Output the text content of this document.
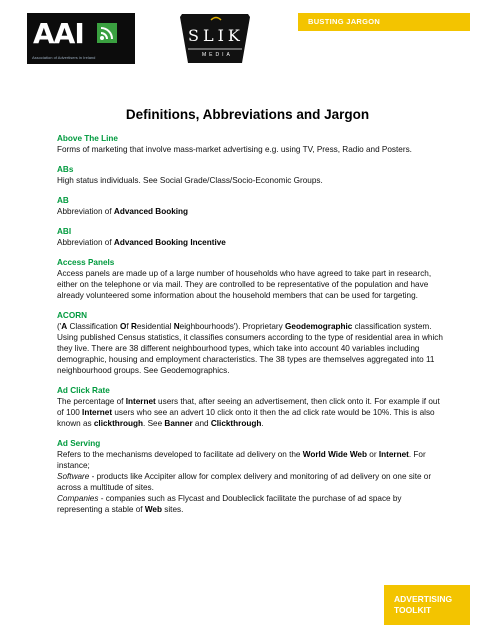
AAI
Association of Advertisers in Ireland
SLIK
MEDIA
BUSTING JARGON
Definitions, Abbreviations and Jargon
Above The Line
Forms of marketing that involve mass-market advertising e.g. using TV, Press, Radio and Posters.
ABs
High status individuals. See Social Grade/Class/Socio-Economic Groups.
AB
Abbreviation of Advanced Booking
ABI
Abbreviation of Advanced Booking Incentive
Access Panels
Access panels are made up of a large number of households who have agreed to take part in research, either on the telephone or via mail. They are controlled to be representative of the population and have already volunteered some information about the household members that can be used for targeting.
ACORN
('A Classification Of Residential Neighbourhoods'). Proprietary Geodemographic classification system. Using published Census statistics, it classifies consumers according to the type of residential area in which they live. There are 38 different neighbourhood types, which take into account 40 variables including demographic, housing and employment characteristics. The 38 types are themselves aggregated into 11 neighbourhood groups. See Geodemographics.
Ad Click Rate
The percentage of Internet users that, after seeing an advertisement, then click onto it. For example if out of 100 Internet users who see an advert 10 click onto it then the ad click rate would be 10%. This is also known as clickthrough. See Banner and Clickthrough.
Ad Serving
Refers to the mechanisms developed to facilitate ad delivery on the World Wide Web or Internet. For instance;
Software - products like Accipiter allow for complex delivery and monitoring of ad delivery on one site or across a multitude of sites.
Companies - companies such as Flycast and Doubleclick facilitate the purchase of ad space by representing a stable of Web sites.
ADVERTISING
TOOLKIT
